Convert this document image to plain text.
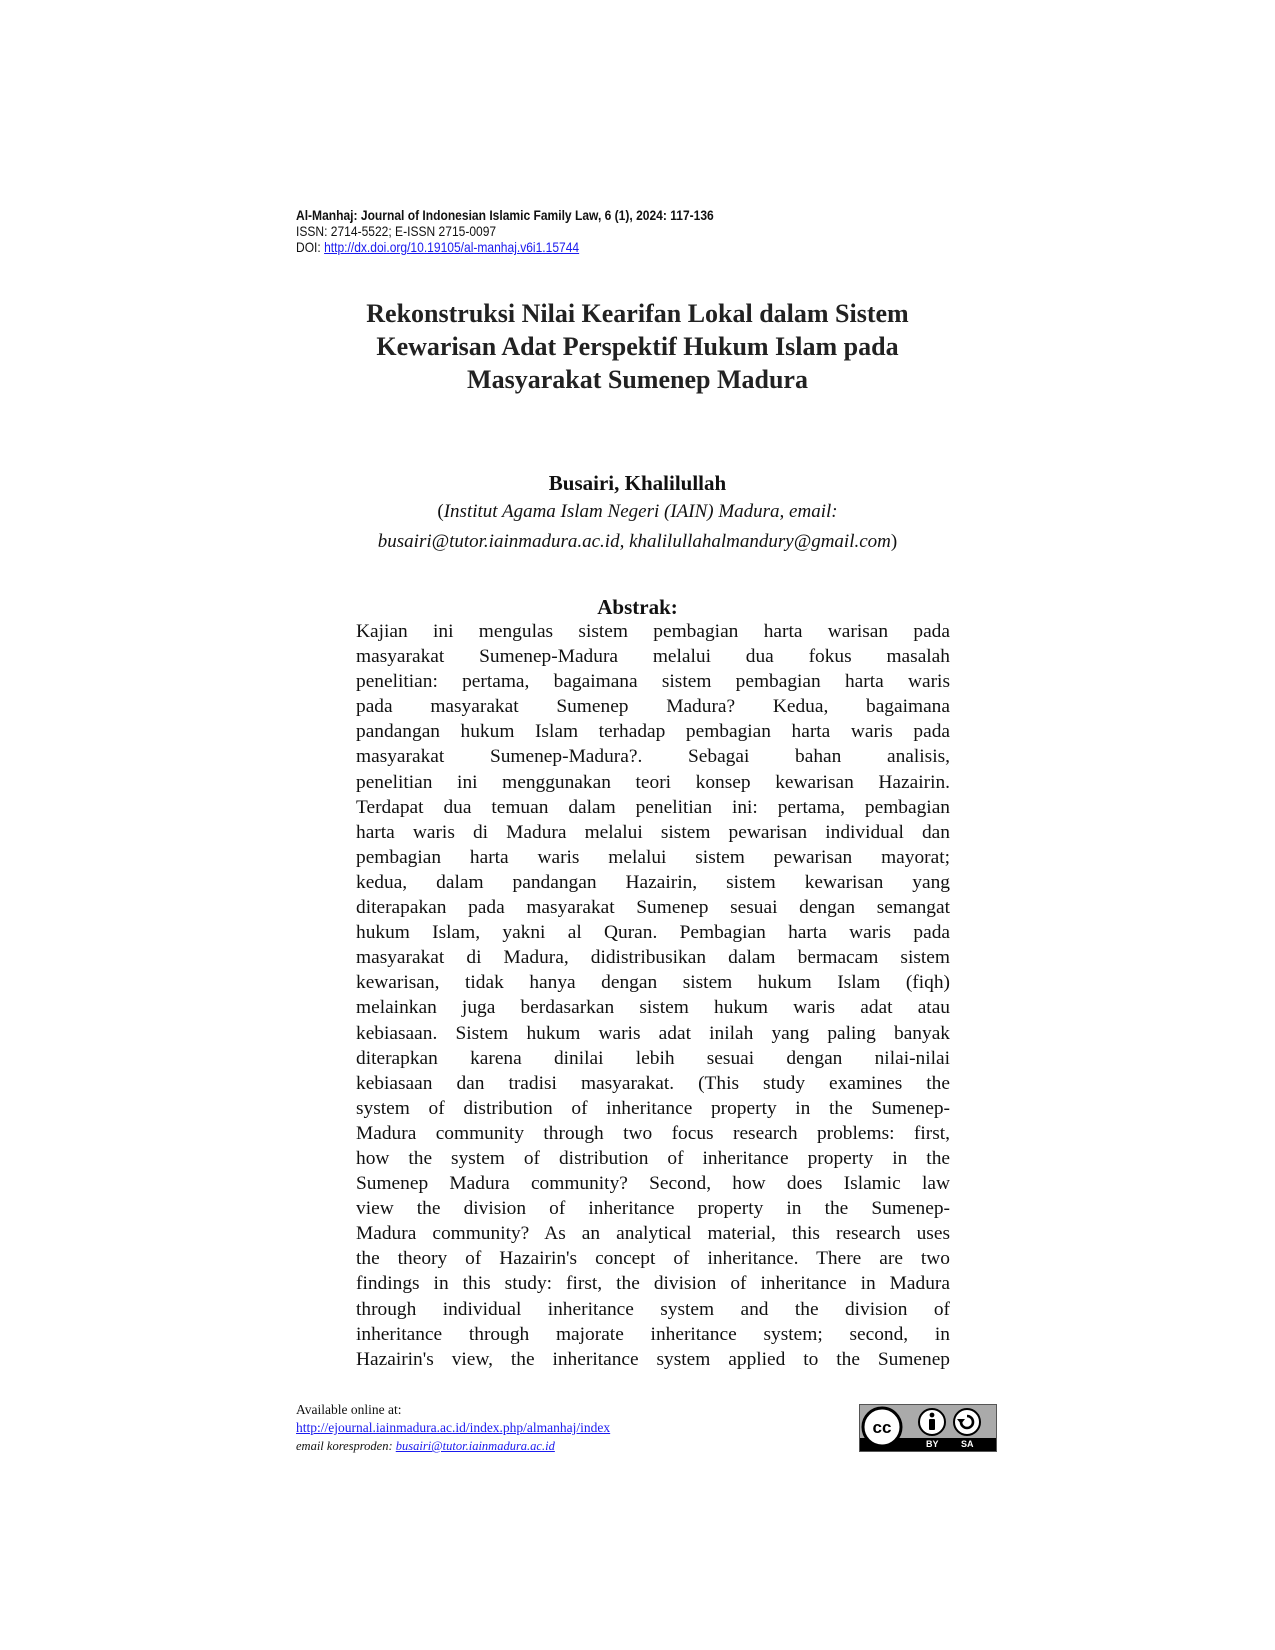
Al-Manhaj: Journal of Indonesian Islamic Family Law, 6 (1), 2024: 117-136
ISSN: 2714-5522; E-ISSN 2715-0097
DOI: http://dx.doi.org/10.19105/al-manhaj.v6i1.15744
Rekonstruksi Nilai Kearifan Lokal dalam Sistem
Kewarisan Adat Perspektif Hukum Islam pada
Masyarakat Sumenep Madura
Busairi, Khalilullah
(Institut Agama Islam Negeri (IAIN) Madura, email:
busairi@tutor.iainmadura.ac.id, khalilullahalmandury@gmail.com)
Abstrak:
Kajian ini mengulas sistem pembagian harta warisan pada
masyarakat Sumenep-Madura melalui dua fokus masalah
penelitian: pertama, bagaimana sistem pembagian harta waris
pada masyarakat Sumenep Madura? Kedua, bagaimana
pandangan hukum Islam terhadap pembagian harta waris pada
masyarakat Sumenep-Madura?. Sebagai bahan analisis,
penelitian ini menggunakan teori konsep kewarisan Hazairin.
Terdapat dua temuan dalam penelitian ini: pertama, pembagian
harta waris di Madura melalui sistem pewarisan individual dan
pembagian harta waris melalui sistem pewarisan mayorat;
kedua, dalam pandangan Hazairin, sistem kewarisan yang
diterapakan pada masyarakat Sumenep sesuai dengan semangat
hukum Islam, yakni al Quran. Pembagian harta waris pada
masyarakat di Madura, didistribusikan dalam bermacam sistem
kewarisan, tidak hanya dengan sistem hukum Islam (fiqh)
melainkan juga berdasarkan sistem hukum waris adat atau
kebiasaan. Sistem hukum waris adat inilah yang paling banyak
diterapkan karena dinilai lebih sesuai dengan nilai-nilai
kebiasaan dan tradisi masyarakat. (This study examines the
system of distribution of inheritance property in the Sumenep-
Madura community through two focus research problems: first,
how the system of distribution of inheritance property in the
Sumenep Madura community? Second, how does Islamic law
view the division of inheritance property in the Sumenep-
Madura community? As an analytical material, this research uses
the theory of Hazairin's concept of inheritance. There are two
findings in this study: first, the division of inheritance in Madura
through individual inheritance system and the division of
inheritance through majorate inheritance system; second, in
Hazairin's view, the inheritance system applied to the Sumenep
Available online at:
http://ejournal.iainmadura.ac.id/index.php/almanhaj/index
email koresproden: busairi@tutor.iainmadura.ac.id
cc
BY SA
